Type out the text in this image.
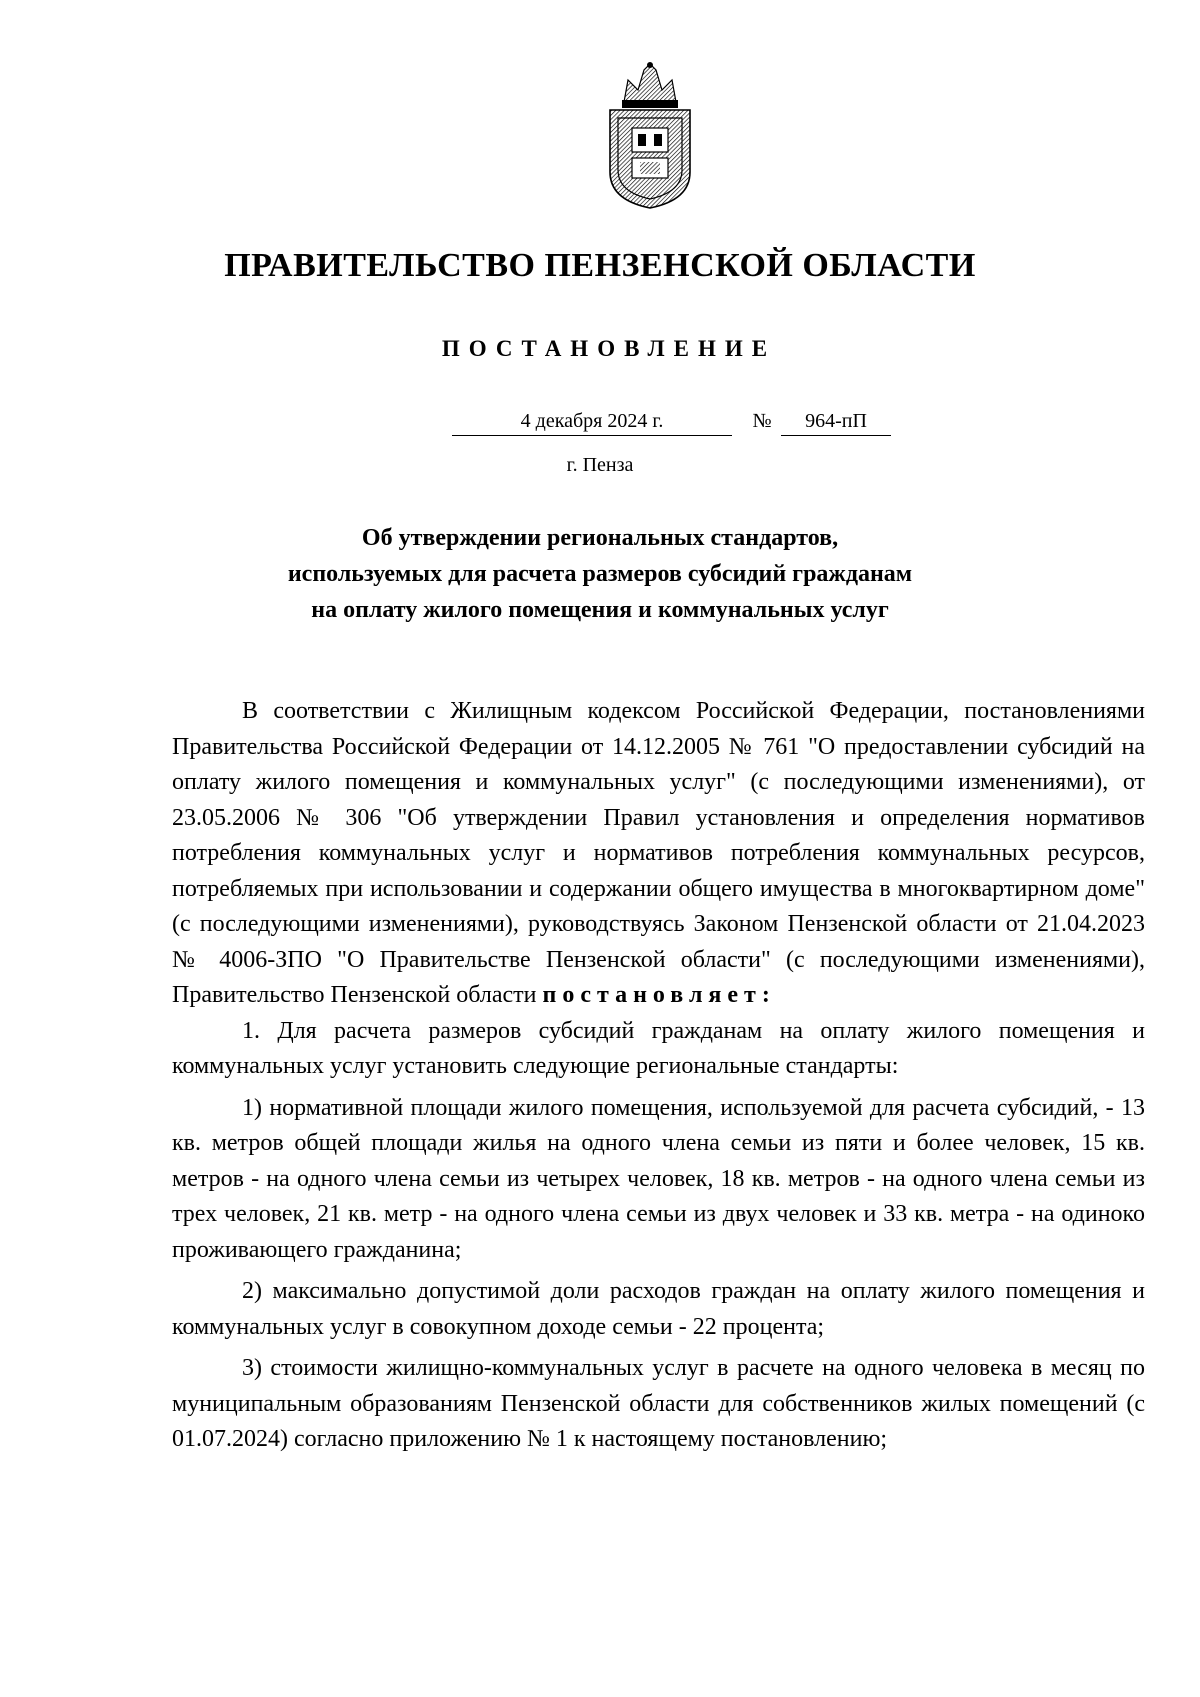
ПРАВИТЕЛЬСТВО ПЕНЗЕНСКОЙ ОБЛАСТИ
ПОСТАНОВЛЕНИЕ
4 декабря 2024 г.	№	964-пП
г. Пенза
Об утверждении региональных стандартов,
используемых для расчета размеров субсидий гражданам
на оплату жилого помещения и коммунальных услуг

В соответствии с Жилищным кодексом Российской Федерации, постановлениями Правительства Российской Федерации от 14.12.2005 № 761 "О предоставлении субсидий на оплату жилого помещения и коммунальных услуг" (с последующими изменениями), от 23.05.2006 № 306 "Об утверждении Правил установления и определения нормативов потребления коммунальных услуг и нормативов потребления коммунальных ресурсов, потребляемых при использовании и содержании общего имущества в многоквартирном доме" (с последующими изменениями), руководствуясь Законом Пензенской области от 21.04.2023 № 4006-ЗПО "О Правительстве Пензенской области" (с последующими изменениями), Правительство Пензенской области постановляет:

1. Для расчета размеров субсидий гражданам на оплату жилого помещения и коммунальных услуг установить следующие региональные стандарты:

1) нормативной площади жилого помещения, используемой для расчета субсидий, - 13 кв. метров общей площади жилья на одного члена семьи из пяти и более человек, 15 кв. метров - на одного члена семьи из четырех человек, 18 кв. метров - на одного члена семьи из трех человек, 21 кв. метр - на одного члена семьи из двух человек и 33 кв. метра - на одиноко проживающего гражданина;

2) максимально допустимой доли расходов граждан на оплату жилого помещения и коммунальных услуг в совокупном доходе семьи - 22 процента;

3) стоимости жилищно-коммунальных услуг в расчете на одного человека в месяц по муниципальным образованиям Пензенской области для собственников жилых помещений (с 01.07.2024) согласно приложению № 1 к настоящему постановлению;
